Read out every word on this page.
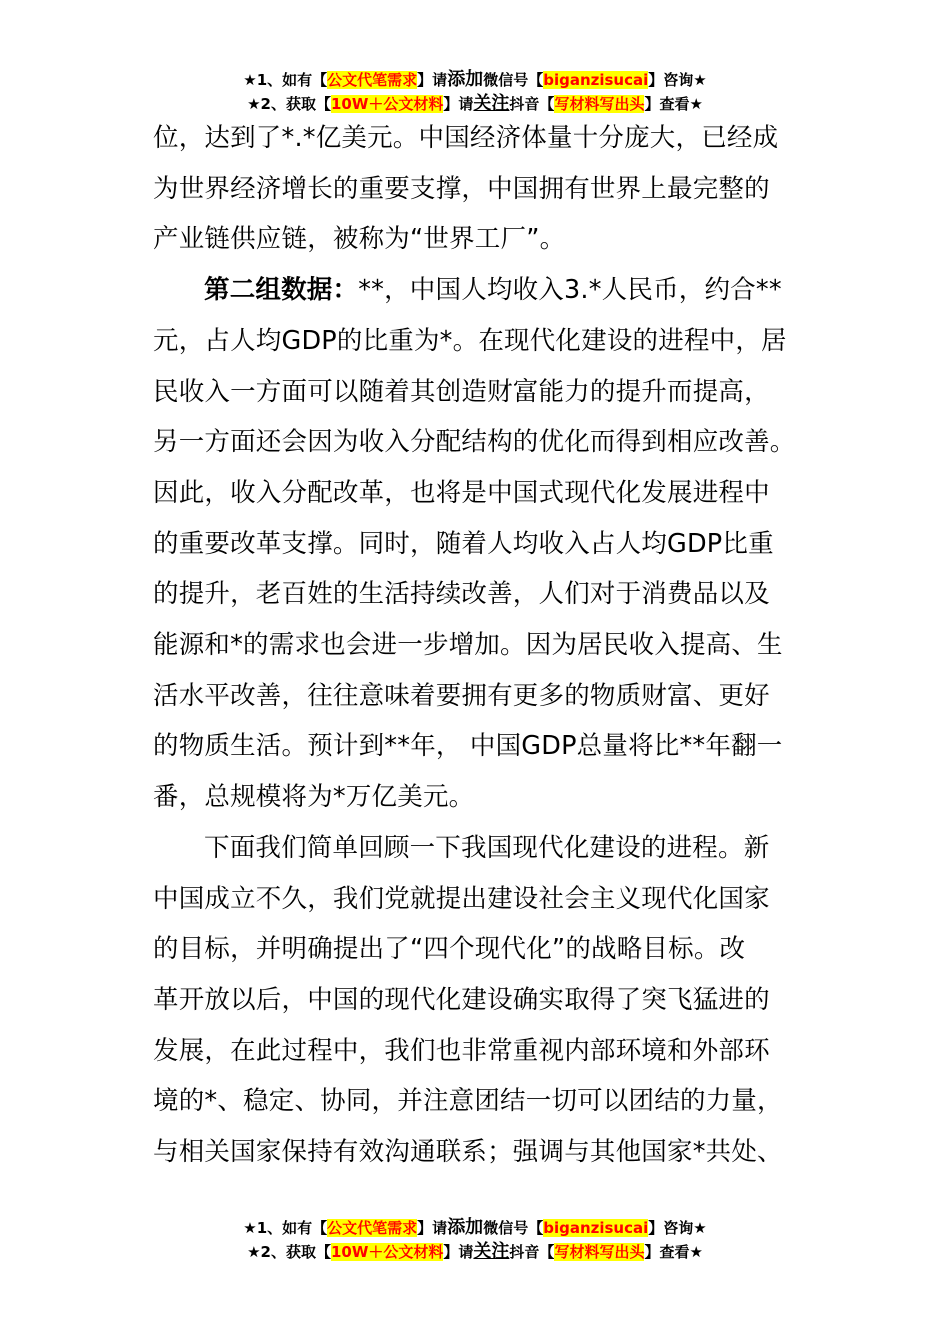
★1、如有【公文代笔需求】请添加微信号【biganzisucai】咨询★
★2、获取【10W＋公文材料】请关注抖音【写材料写出头】查看★
位，达到了*.*亿美元。中国经济体量十分庞大，已经成
为世界经济增长的重要支撑，中国拥有世界上最完整的
产业链供应链，被称为“世界工厂”。
第二组数据：**，中国人均收入3.*人民币，约合**
元，占人均GDP的比重为*。在现代化建设的进程中，居
民收入一方面可以随着其创造财富能力的提升而提高，
另一方面还会因为收入分配结构的优化而得到相应改善。
因此，收入分配改革，也将是中国式现代化发展进程中
的重要改革支撑。同时，随着人均收入占人均GDP比重
的提升，老百姓的生活持续改善，人们对于消费品以及
能源和*的需求也会进一步增加。因为居民收入提高、生
活水平改善，往往意味着要拥有更多的物质财富、更好
的物质生活。预计到**年， 中国GDP总量将比**年翻一
番，总规模将为*万亿美元。
下面我们简单回顾一下我国现代化建设的进程。新
中国成立不久，我们党就提出建设社会主义现代化国家
的目标，并明确提出了“四个现代化”的战略目标。改
革开放以后，中国的现代化建设确实取得了突飞猛进的
发展，在此过程中，我们也非常重视内部环境和外部环
境的*、稳定、协同，并注意团结一切可以团结的力量，
与相关国家保持有效沟通联系；强调与其他国家*共处、
★1、如有【公文代笔需求】请添加微信号【biganzisucai】咨询★
★2、获取【10W＋公文材料】请关注抖音【写材料写出头】查看★
